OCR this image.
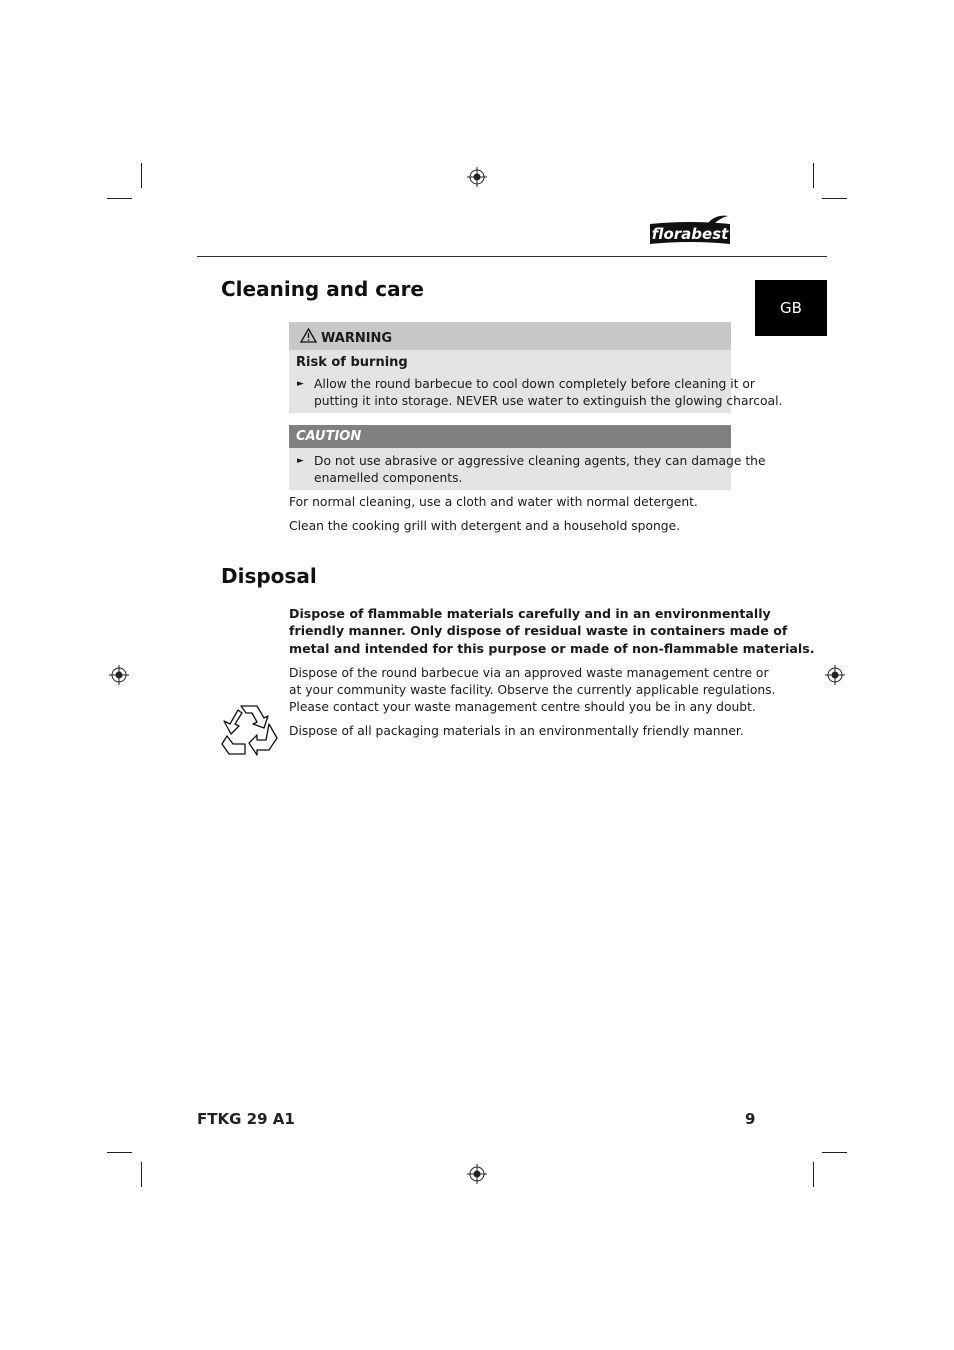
florabest
GB
Cleaning and care
WARNING
Risk of burning
► Allow the round barbecue to cool down completely before cleaning it or
putting it into storage. NEVER use water to extinguish the glowing charcoal.
CAUTION
► Do not use abrasive or aggressive cleaning agents, they can damage the
enamelled components.
For normal cleaning, use a cloth and water with normal detergent.
Clean the cooking grill with detergent and a household sponge.
Disposal
Dispose of flammable materials carefully and in an environmentally
friendly manner. Only dispose of residual waste in containers made of
metal and intended for this purpose or made of non-flammable materials.
Dispose of the round barbecue via an approved waste management centre or
at your community waste facility. Observe the currently applicable regulations.
Please contact your waste management centre should you be in any doubt.
Dispose of all packaging materials in an environmentally friendly manner.
FTKG 29 A1	9
